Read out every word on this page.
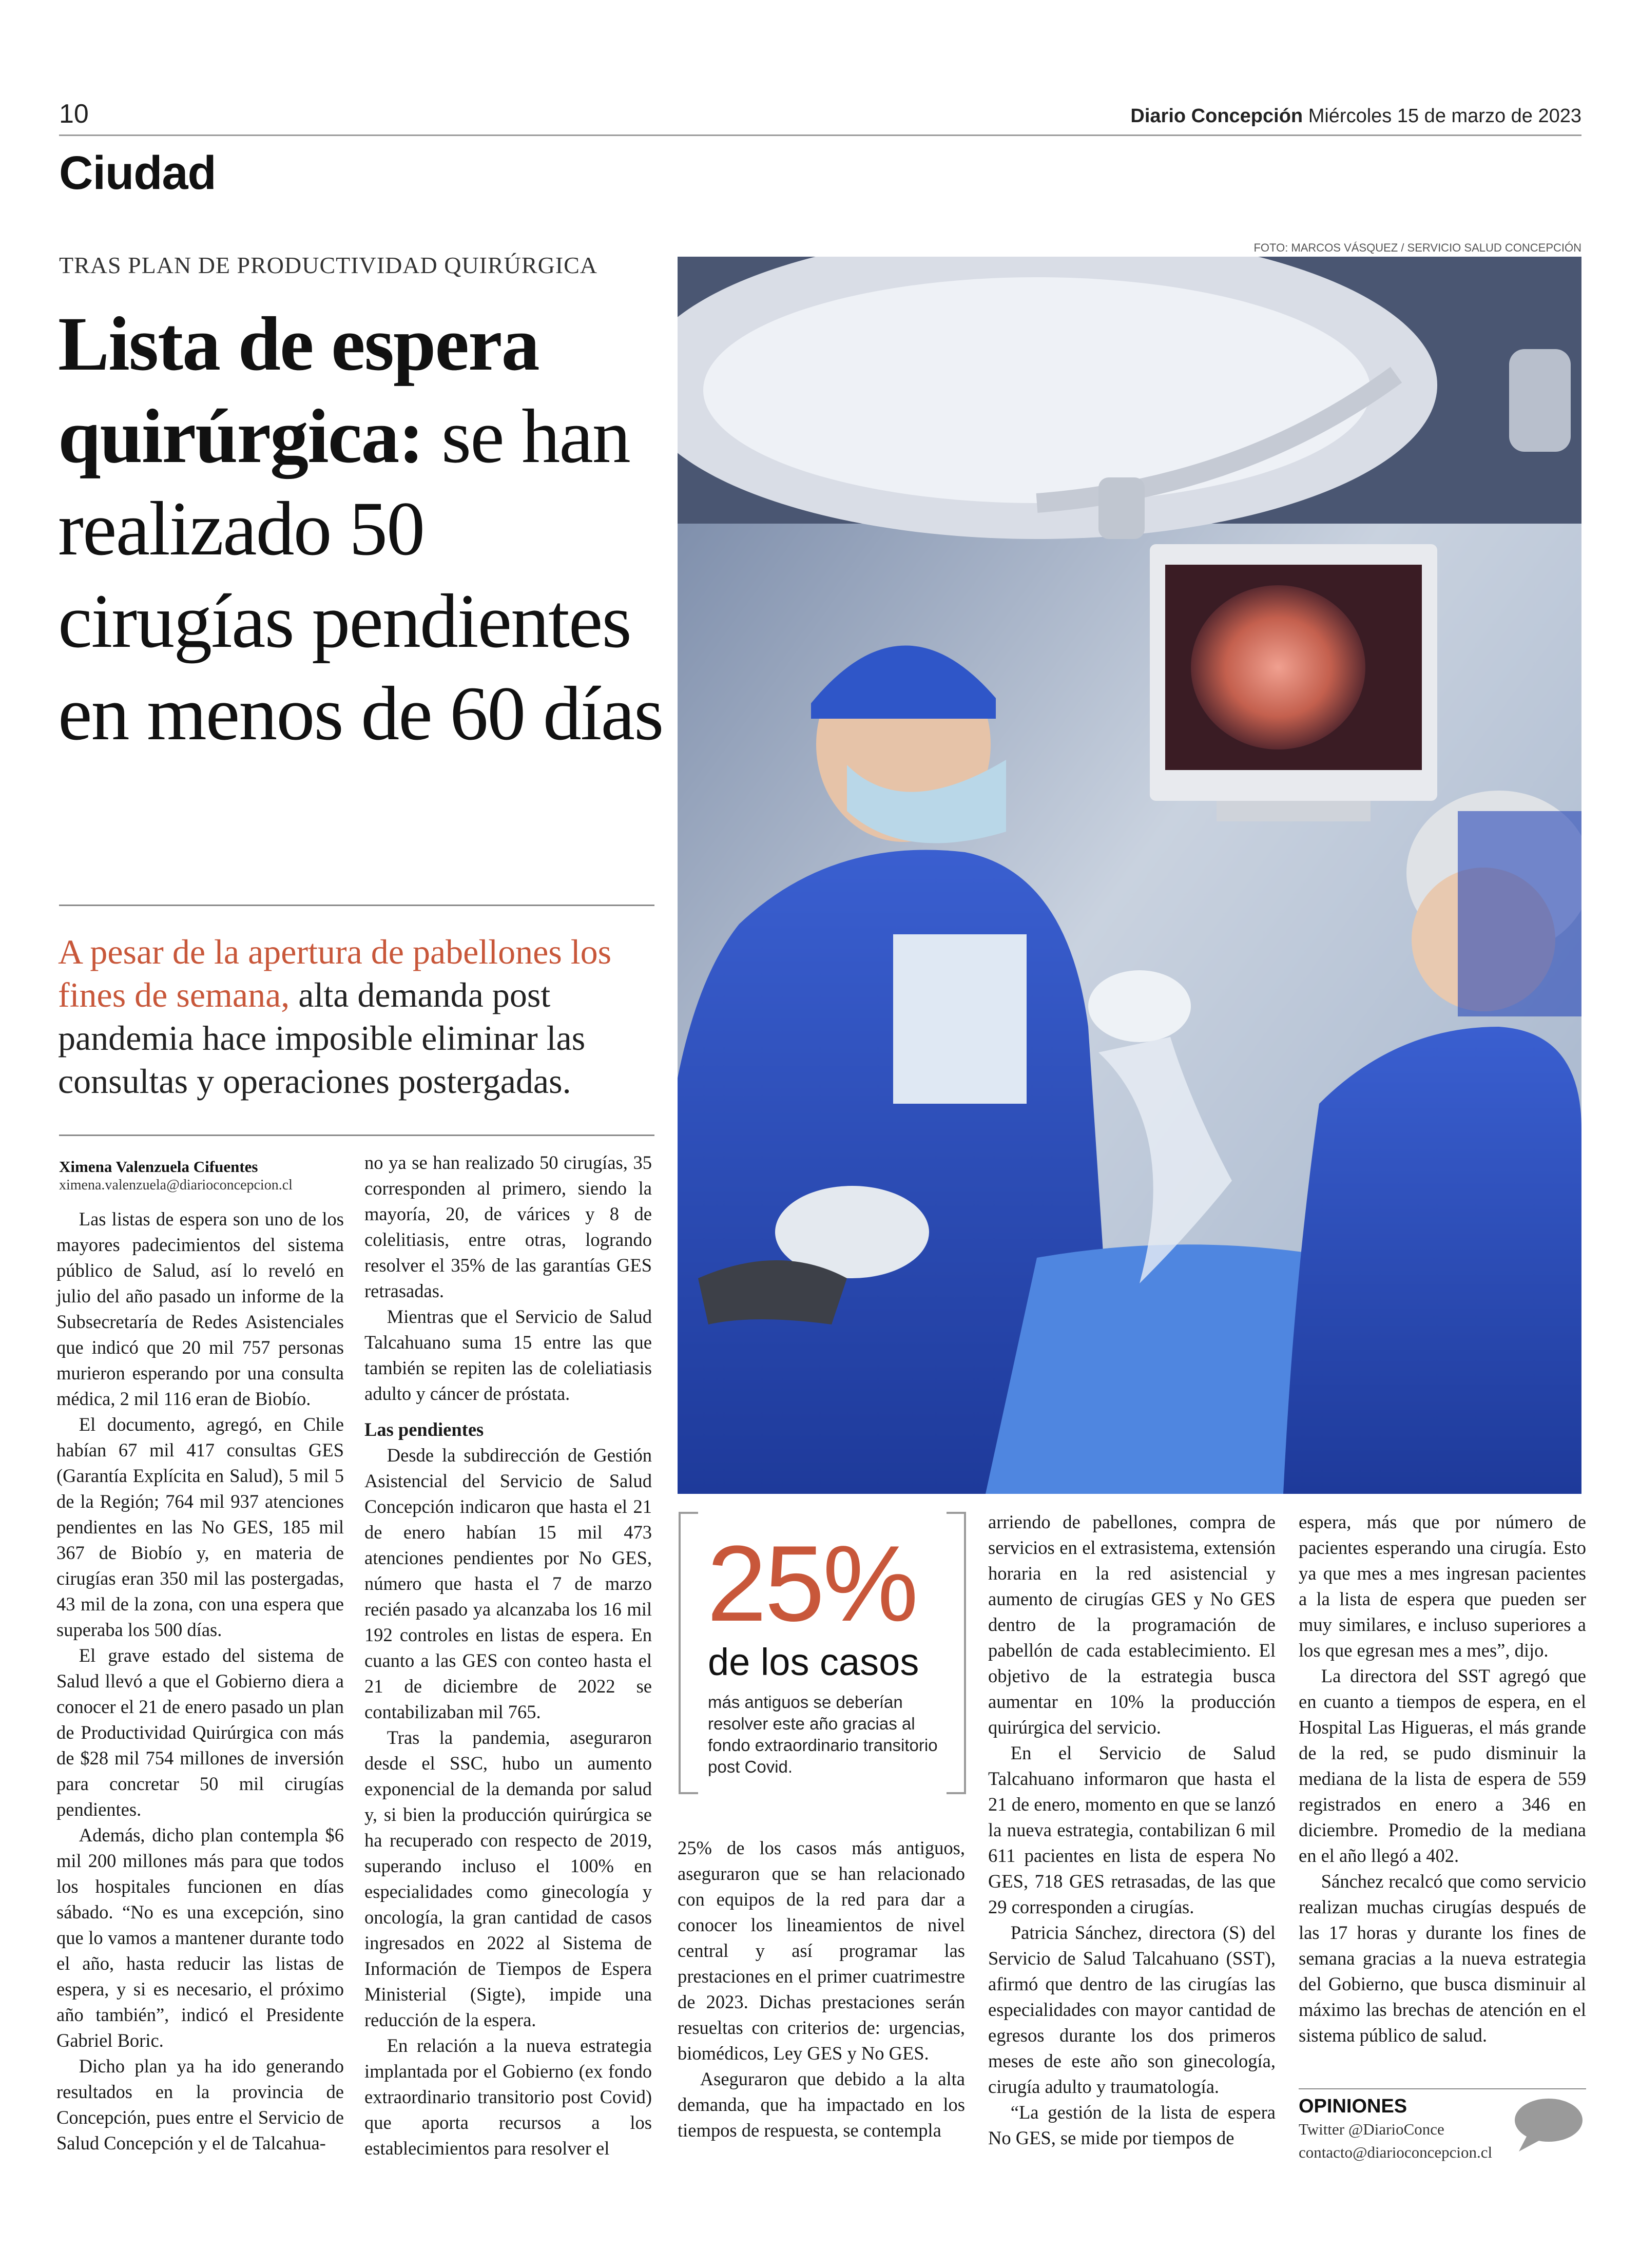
10	Diario Concepción Miércoles 15 de marzo de 2023
Ciudad
TRAS PLAN DE PRODUCTIVIDAD QUIRÚRGICA
Lista de espera quirúrgica: se han realizado 50 cirugías pendientes en menos de 60 días
A pesar de la apertura de pabellones los fines de semana, alta demanda post pandemia hace imposible eliminar las consultas y operaciones postergadas.
FOTO: MARCOS VÁSQUEZ / SERVICIO SALUD CONCEPCIÓN
Ximena Valenzuela Cifuentes
ximena.valenzuela@diarioconcepcion.cl

Las listas de espera son uno de los mayores padecimientos del sistema público de Salud, así lo reveló en julio del año pasado un informe de la Subsecretaría de Redes Asistenciales que indicó que 20 mil 757 personas murieron esperando por una consulta médica, 2 mil 116 eran de Biobío.

El documento, agregó, en Chile habían 67 mil 417 consultas GES (Garantía Explícita en Salud), 5 mil 5 de la Región; 764 mil 937 atenciones pendientes en las No GES, 185 mil 367 de Biobío y, en materia de cirugías eran 350 mil las postergadas, 43 mil de la zona, con una espera que superaba los 500 días.

El grave estado del sistema de Salud llevó a que el Gobierno diera a conocer el 21 de enero pasado un plan de Productividad Quirúrgica con más de $28 mil 754 millones de inversión para concretar 50 mil cirugías pendientes.

Además, dicho plan contempla $6 mil 200 millones más para que todos los hospitales funcionen en días sábado. “No es una excepción, sino que lo vamos a mantener durante todo el año, hasta reducir las listas de espera, y si es necesario, el próximo año también”, indicó el Presidente Gabriel Boric.

Dicho plan ya ha ido generando resultados en la provincia de Concepción, pues entre el Servicio de Salud Concepción y el de Talcahua-

no ya se han realizado 50 cirugías, 35 corresponden al primero, siendo la mayoría, 20, de várices y 8 de colelitiasis, entre otras, logrando resolver el 35% de las garantías GES retrasadas.

Mientras que el Servicio de Salud Talcahuano suma 15 entre las que también se repiten las de coleliatiasis adulto y cáncer de próstata.

Las pendientes

Desde la subdirección de Gestión Asistencial del Servicio de Salud Concepción indicaron que hasta el 21 de enero habían 15 mil 473 atenciones pendientes por No GES, número que hasta el 7 de marzo recién pasado ya alcanzaba los 16 mil 192 controles en listas de espera. En cuanto a las GES con conteo hasta el 21 de diciembre de 2022 se contabilizaban mil 765.

Tras la pandemia, aseguraron desde el SSC, hubo un aumento exponencial de la demanda por salud y, si bien la producción quirúrgica se ha recuperado con respecto de 2019, superando incluso el 100% en especialidades como ginecología y oncología, la gran cantidad de casos ingresados en 2022 al Sistema de Información de Tiempos de Espera Ministerial (Sigte), impide una reducción de la espera.

En relación a la nueva estrategia implantada por el Gobierno (ex fondo extraordinario transitorio post Covid) que aporta recursos a los establecimientos para resolver el

25%
de los casos
más antiguos se deberían resolver este año gracias al fondo extraordinario transitorio post Covid.

25% de los casos más antiguos, aseguraron que se han relacionado con equipos de la red para dar a conocer los lineamientos de nivel central y así programar las prestaciones en el primer cuatrimestre de 2023. Dichas prestaciones serán resueltas con criterios de: urgencias, biomédicos, Ley GES y No GES.

Aseguraron que debido a la alta demanda, que ha impactado en los tiempos de respuesta, se contempla

arriendo de pabellones, compra de servicios en el extrasistema, extensión horaria en la red asistencial y aumento de cirugías GES y No GES dentro de la programación de pabellón de cada establecimiento. El objetivo de la estrategia busca aumentar en 10% la producción quirúrgica del servicio.

En el Servicio de Salud Talcahuano informaron que hasta el 21 de enero, momento en que se lanzó la nueva estrategia, contabilizan 6 mil 611 pacientes en lista de espera No GES, 718 GES retrasadas, de las que 29 corresponden a cirugías.

Patricia Sánchez, directora (S) del Servicio de Salud Talcahuano (SST), afirmó que dentro de las cirugías las especialidades con mayor cantidad de egresos durante los dos primeros meses de este año son ginecología, cirugía adulto y traumatología.

“La gestión de la lista de espera No GES, se mide por tiempos de

espera, más que por número de pacientes esperando una cirugía. Esto ya que mes a mes ingresan pacientes a la lista de espera que pueden ser muy similares, e incluso superiores a los que egresan mes a mes”, dijo.

La directora del SST agregó que en cuanto a tiempos de espera, en el Hospital Las Higueras, el más grande de la red, se pudo disminuir la mediana de la lista de espera de 559 registrados en enero a 346 en diciembre. Promedio de la mediana en el año llegó a 402.

Sánchez recalcó que como servicio realizan muchas cirugías después de las 17 horas y durante los fines de semana gracias a la nueva estrategia del Gobierno, que busca disminuir al máximo las brechas de atención en el sistema público de salud.

OPINIONES
Twitter @DiarioConce
contacto@diarioconcepcion.cl
